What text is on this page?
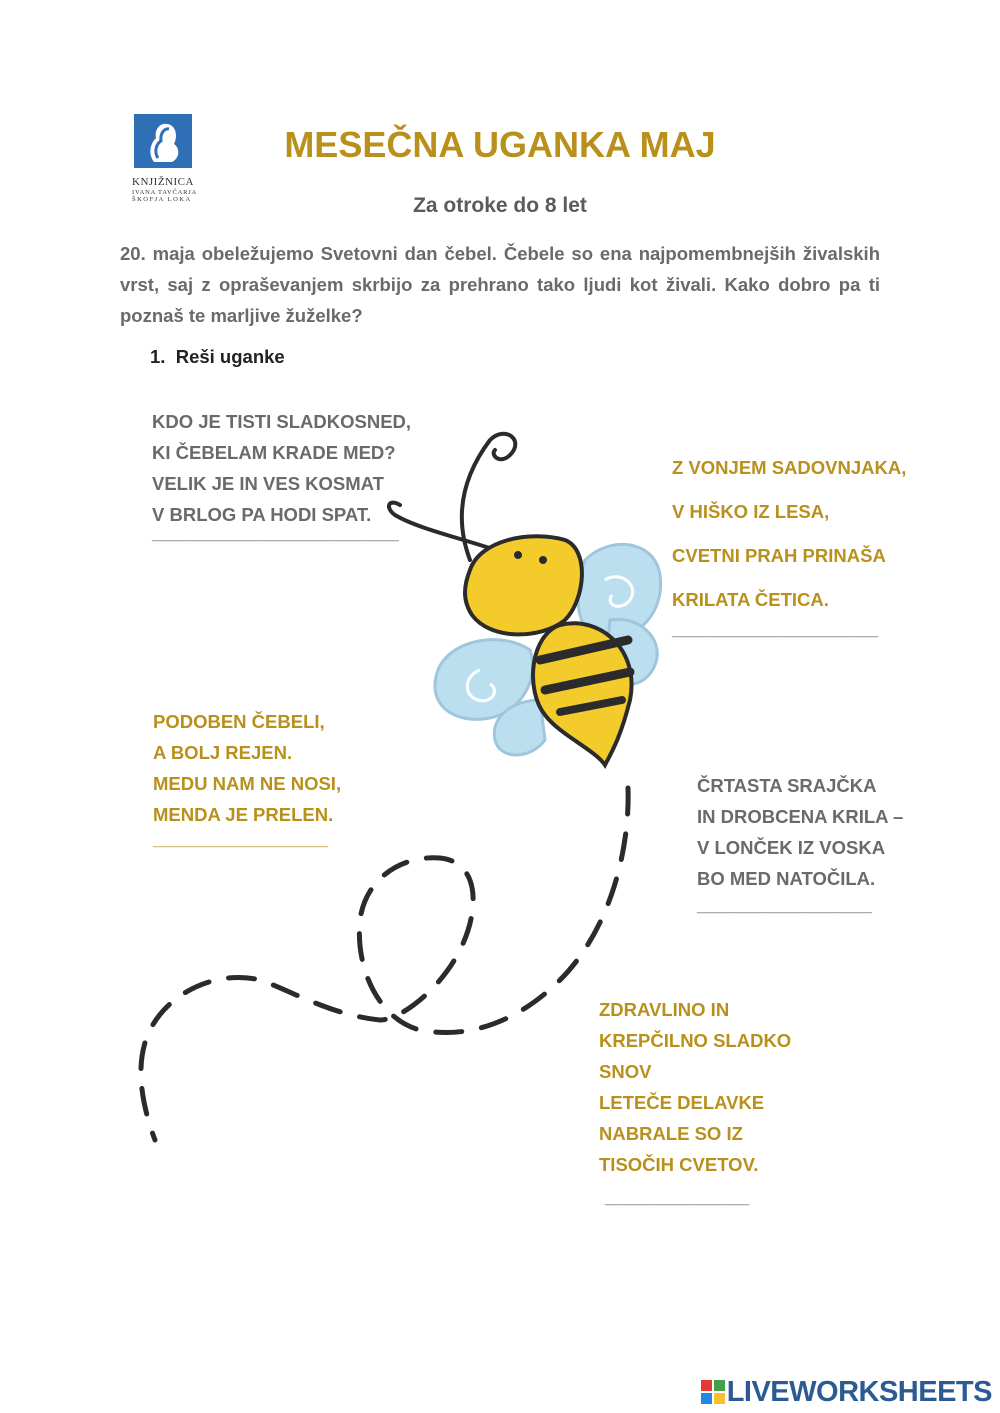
KNJIŽNICA
IVANA TAVČARJA
ŠKOFJA LOKA
MESEČNA UGANKA MAJ
Za otroke do 8 let
20. maja obeležujemo Svetovni dan čebel. Čebele so ena najpomembnejših živalskih vrst, saj z opraševanjem skrbijo za prehrano tako ljudi kot živali. Kako dobro pa ti poznaš te marljive žuželke?
1.  Reši uganke
KDO JE TISTI SLADKOSNED,
KI ČEBELAM KRADE MED?
VELIK JE IN VES KOSMAT
V BRLOG PA HODI SPAT.
________________________
Z VONJEM SADOVNJAKA,
V HIŠKO IZ LESA,
CVETNI PRAH PRINAŠA
KRILATA ČETICA.
____________________
PODOBEN ČEBELI,
A BOLJ REJEN.
MEDU NAM NE NOSI,
MENDA JE PRELEN.
_________________
ČRTASTA SRAJČKA
IN DROBCENA KRILA –
V LONČEK IZ VOSKA
BO MED NATOČILA.
_________________
ZDRAVLINO IN
KREPČILNO SLADKO
SNOV
LETEČE DELAVKE
NABRALE SO IZ
TISOČIH CVETOV.
______________
LIVEWORKSHEETS
